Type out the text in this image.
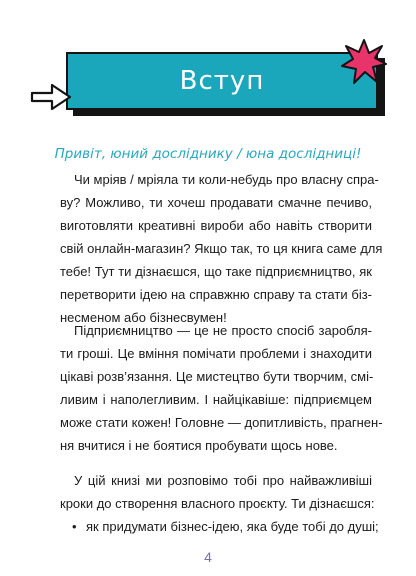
Вступ
Привіт, юний досліднику / юна дослідниці!
Чи мріяв / мріяла ти коли-небудь про власну спра-
ву? Можливо, ти хочеш продавати смачне печиво,
виготовляти креативні вироби або навіть створити
свій онлайн-магазин? Якщо так, то ця книга саме для
тебе! Тут ти дізнаєшся, що таке підприємництво, як
перетворити ідею на справжню справу та стати біз-
несменом або бізнесвумен!
Підприємництво — це не просто спосіб заробля-
ти гроші. Це вміння помічати проблеми і знаходити
цікаві розв’язання. Це мистецтво бути творчим, смі-
ливим і наполегливим. І найцікавіше: підприємцем
може стати кожен! Головне — допитливість, прагнен-
ня вчитися і не боятися пробувати щось нове.
У цій книзі ми розповімо тобі про найважливіші
кроки до створення власного проєкту. Ти дізнаєшся:
• як придумати бізнес-ідею, яка буде тобі до душі;
4
